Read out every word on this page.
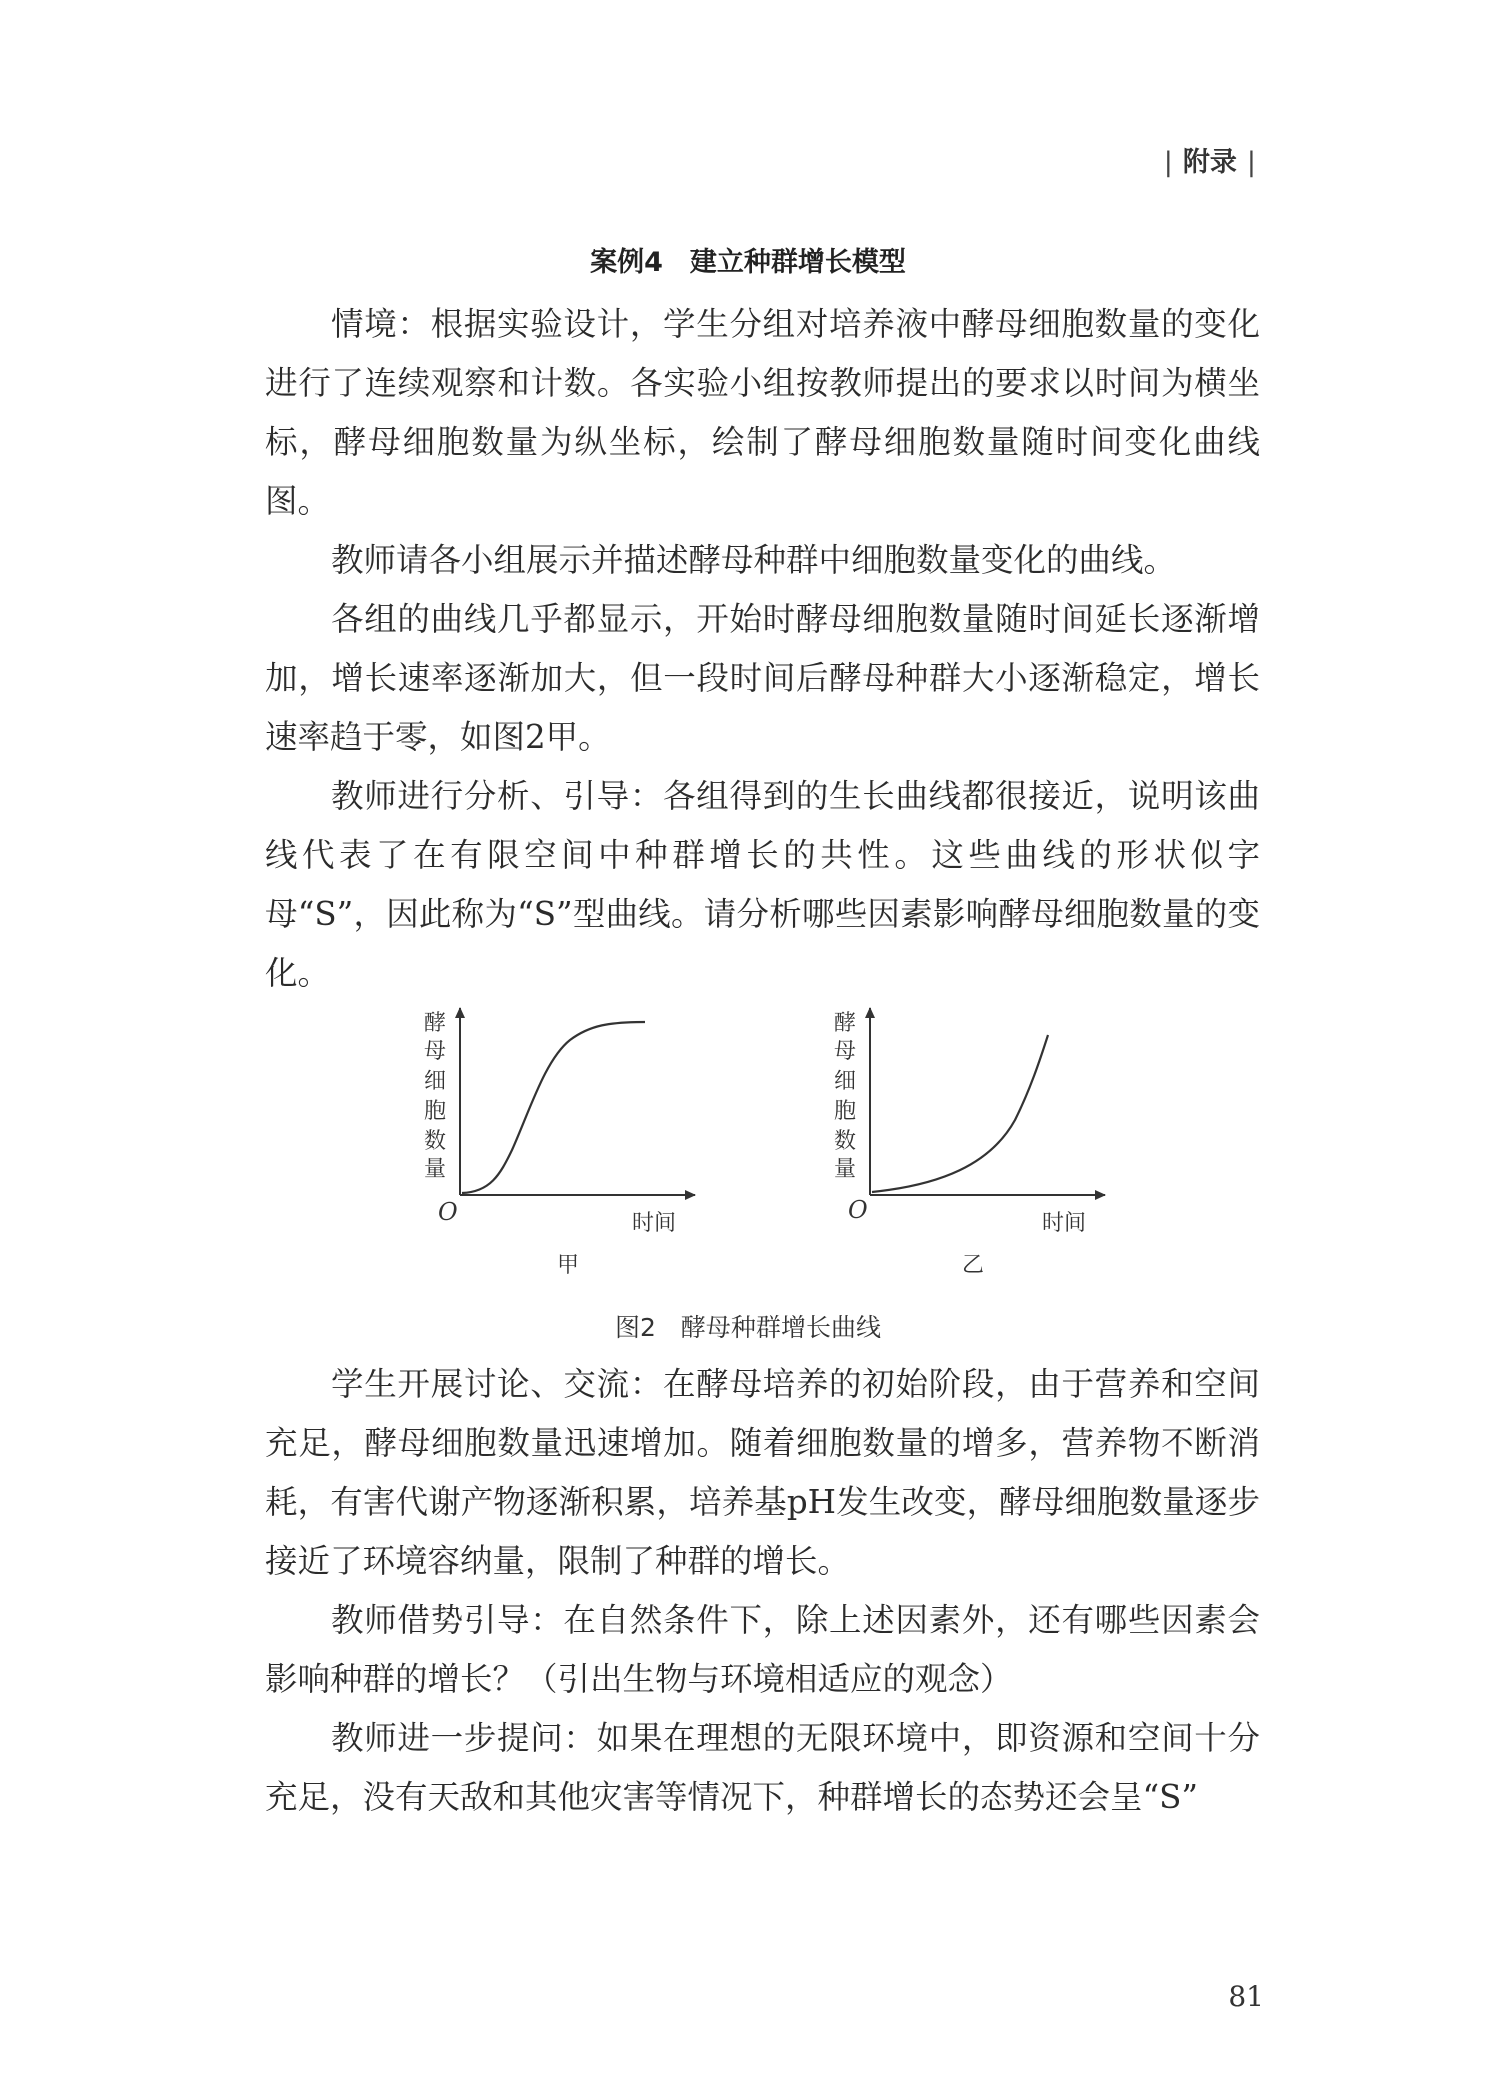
| 附录 |
案例4　建立种群增长模型

情境：根据实验设计，学生分组对培养液中酵母细胞数量的变化进行了连续观察和计数。各实验小组按教师提出的要求以时间为横坐标，酵母细胞数量为纵坐标，绘制了酵母细胞数量随时间变化曲线图。

教师请各小组展示并描述酵母种群中细胞数量变化的曲线。

各组的曲线几乎都显示，开始时酵母细胞数量随时间延长逐渐增加，增长速率逐渐加大，但一段时间后酵母种群大小逐渐稳定，增长速率趋于零，如图2甲。

教师进行分析、引导：各组得到的生长曲线都很接近，说明该曲线代表了在有限空间中种群增长的共性。这些曲线的形状似字母“S”，因此称为“S”型曲线。请分析哪些因素影响酵母细胞数量的变化。

酵
母
细
胞
数
量
O	时间
甲
酵
母
细
胞
数
量
O	时间
乙
图2　酵母种群增长曲线

学生开展讨论、交流：在酵母培养的初始阶段，由于营养和空间充足，酵母细胞数量迅速增加。随着细胞数量的增多，营养物不断消耗，有害代谢产物逐渐积累，培养基pH发生改变，酵母细胞数量逐步接近了环境容纳量，限制了种群的增长。

教师借势引导：在自然条件下，除上述因素外，还有哪些因素会影响种群的增长？（引出生物与环境相适应的观念）

教师进一步提问：如果在理想的无限环境中，即资源和空间十分充足，没有天敌和其他灾害等情况下，种群增长的态势还会呈“S”

81
